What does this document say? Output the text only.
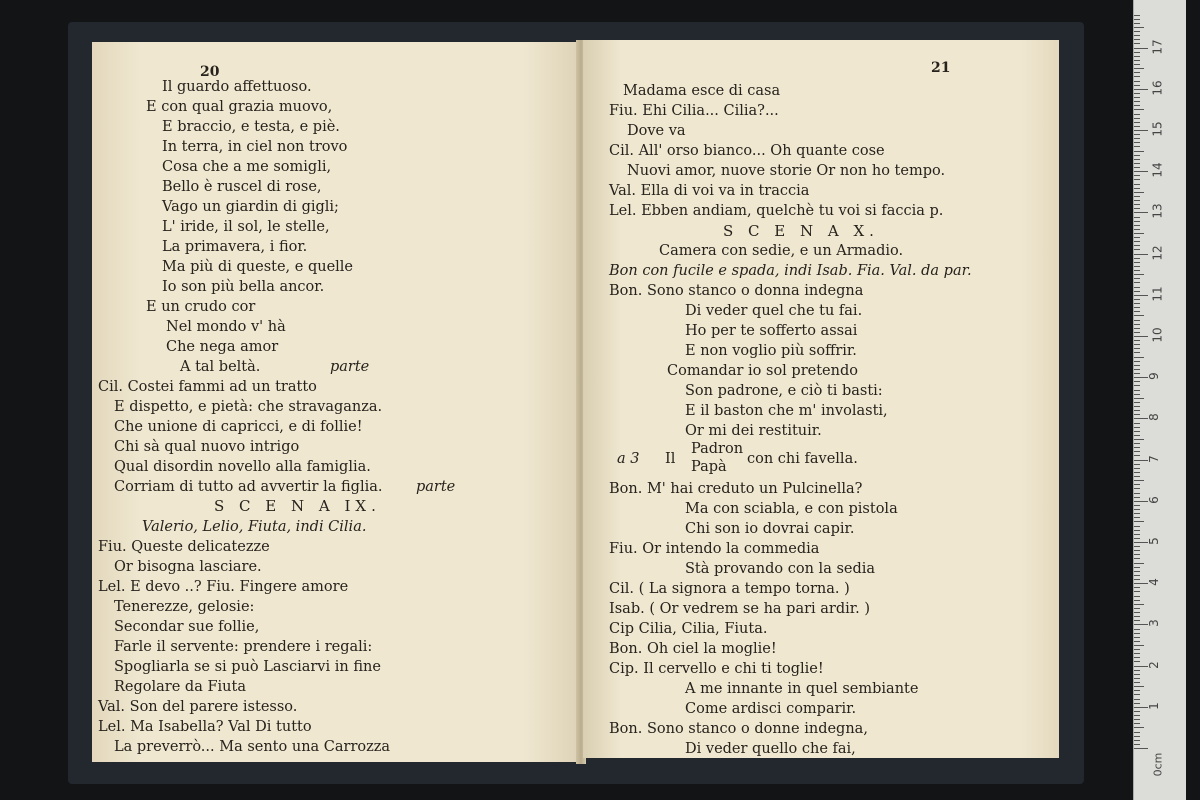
20
Il guardo affettuoso.
E con qual grazia muovo,
E braccio, e testa, e piè.
In terra, in ciel non trovo
Cosa che a me somigli,
Bello è ruscel di rose,
Vago un giardin di gigli;
L' iride, il sol, le stelle,
La primavera, i fior.
Ma più di queste, e quelle
Io son più bella ancor.
E un crudo cor
Nel mondo v' hà
Che nega amor
A tal beltà.	parte
Cil. Costei fammi ad un tratto
E dispetto, e pietà: che stravaganza.
Che unione di capricci, e di follie!
Chi sà qual nuovo intrigo
Qual disordin novello alla famiglia.
Corriam di tutto ad avvertir la figlia. parte
S C E N A IX.
Valerio, Lelio, Fiuta, indi Cilia.
Fiu. Queste delicatezze
Or bisogna lasciare.
Lel. E devo ..? Fiu. Fingere amore
Tenerezze, gelosie:
Secondar sue follie,
Farle il servente: prendere i regali:
Spogliarla se si può Lasciarvi in fine
Regolare da Fiuta
Val. Son del parere istesso.
Lel. Ma Isabella? Val Di tutto
La preverrò... Ma sento una Carrozza
21
Madama esce di casa
Fiu. Ehi Cilia... Cilia?...
Dove va
Cil. All' orso bianco... Oh quante cose
Nuovi amor, nuove storie Or non ho tempo.
Val. Ella di voi va in traccia
Lel. Ebben andiam, quelchè tu voi si faccia p.
S C E N A X.
Camera con sedie, e un Armadio.
Bon con fucile e spada, indi Isab. Fia. Val. da par.
Bon. Sono stanco o donna indegna
Di veder quel che tu fai.
Ho per te sofferto assai
E non voglio più soffrir.
Comandar io sol pretendo
Son padrone, e ciò ti basti:
E il baston che m' involasti,
Or mi dei restituir.
a 3 Il
Padron
Papà con chi favella.
Bon. M' hai creduto un Pulcinella?
Ma con sciabla, e con pistola
Chi son io dovrai capir.
Fiu. Or intendo la commedia
Stà provando con la sedia
Cil. ( La signora a tempo torna. )
Isab. ( Or vedrem se ha pari ardir. )
Cip Cilia, Cilia, Fiuta.
Bon. Oh ciel la moglie!
Cip. Il cervello e chi ti toglie!
A me innante in quel sembiante
Come ardisci comparir.
Bon. Sono stanco o donne indegna,
Di veder quello che fai,
0cm
1
2
3
4
5
6
7
8
9
10
11
12
13
14
15
16
17
